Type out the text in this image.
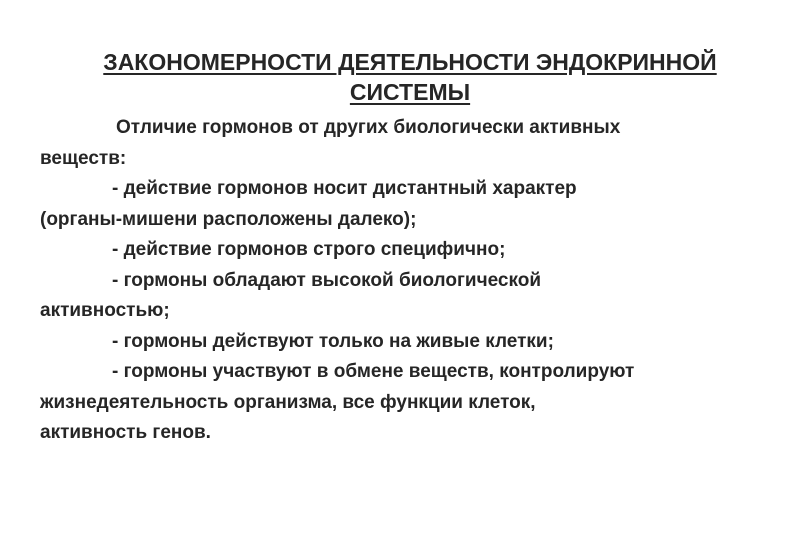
ЗАКОНОМЕРНОСТИ ДЕЯТЕЛЬНОСТИ ЭНДОКРИННОЙ
СИСТЕМЫ
Отличие гормонов от других биологически активных
веществ:
- действие гормонов носит дистантный характер
(органы-мишени расположены далеко);
- действие гормонов строго специфично;
- гормоны обладают высокой биологической
активностью;
- гормоны действуют только на живые клетки;
- гормоны участвуют в обмене веществ, контролируют
жизнедеятельность организма, все функции клеток,
активность генов.
